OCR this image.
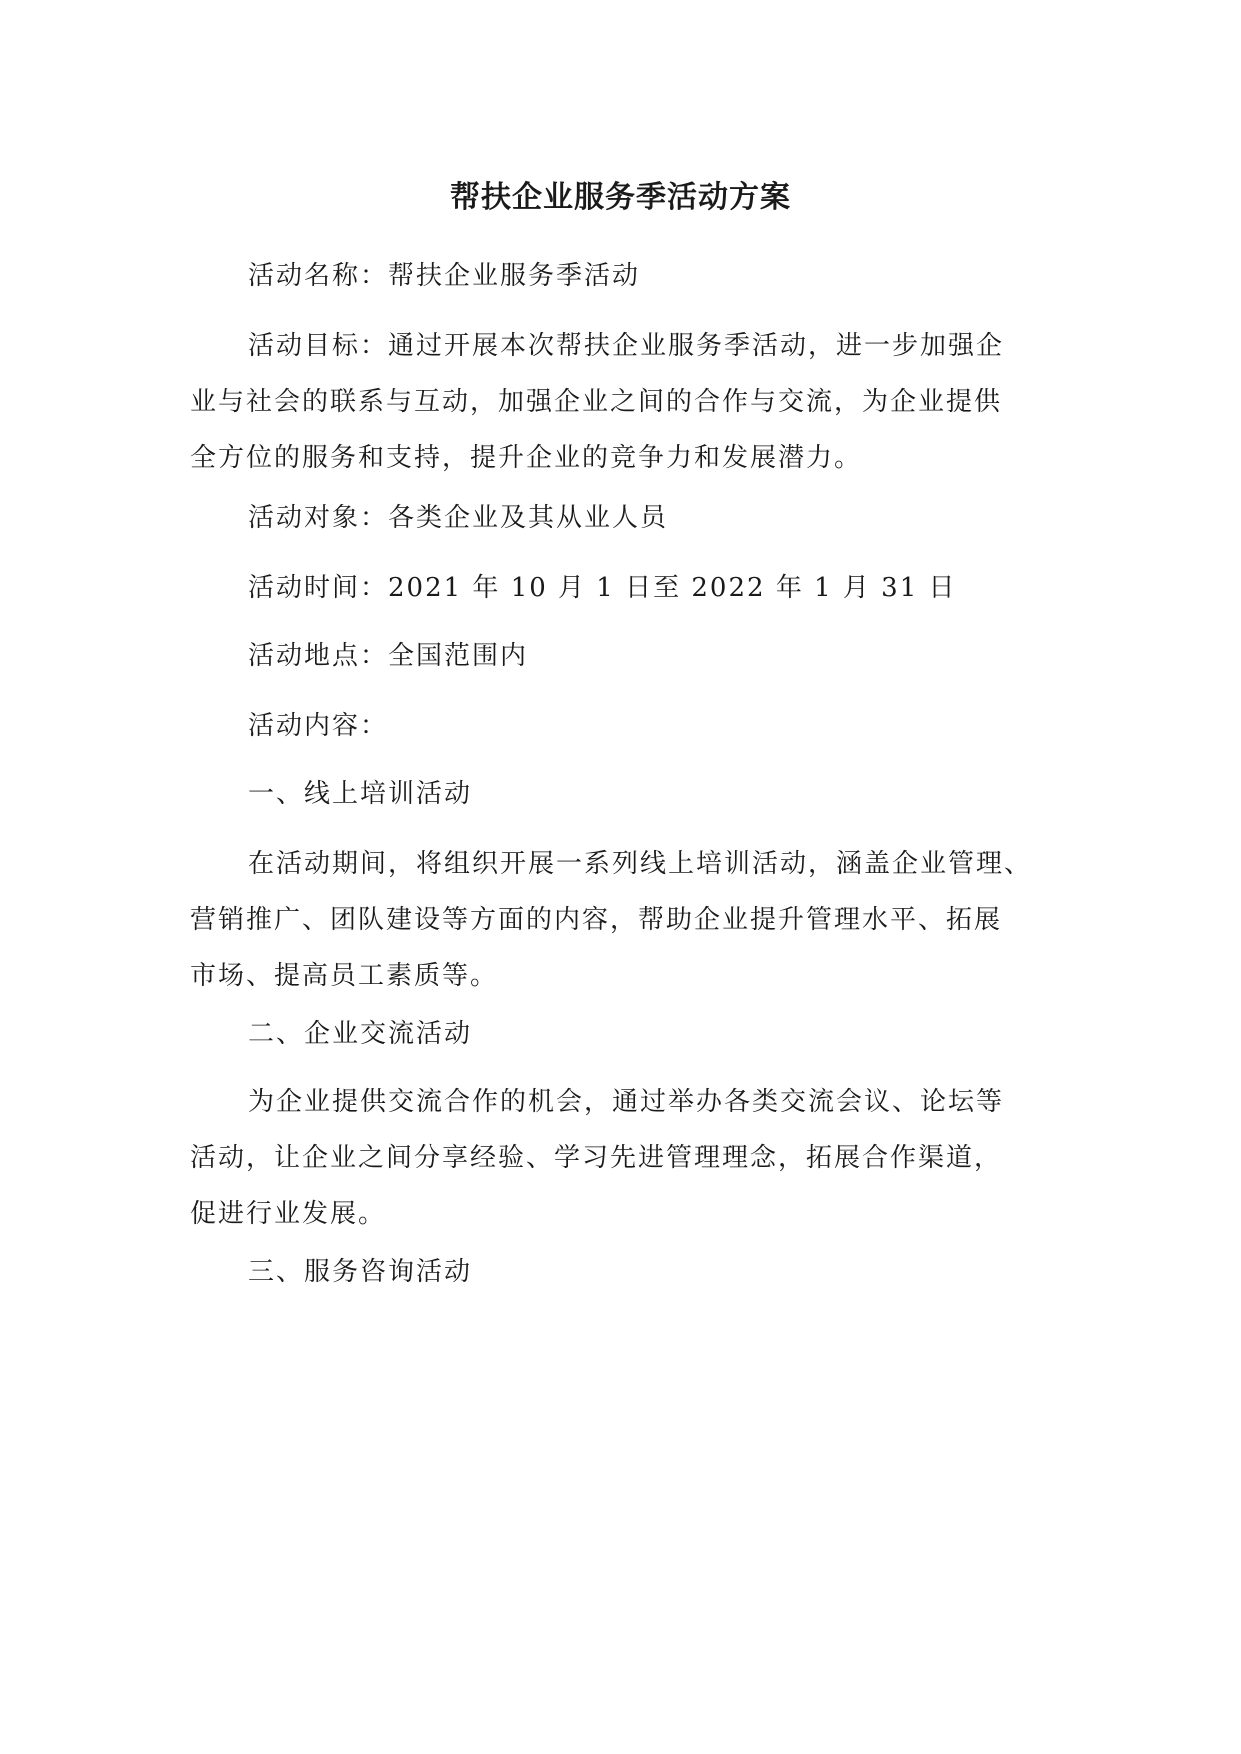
帮扶企业服务季活动方案

活动名称：帮扶企业服务季活动

活动目标：通过开展本次帮扶企业服务季活动，进一步加强企
业与社会的联系与互动，加强企业之间的合作与交流，为企业提供
全方位的服务和支持，提升企业的竞争力和发展潜力。

活动对象：各类企业及其从业人员

活动时间：2021 年 10 月 1 日至 2022 年 1 月 31 日

活动地点：全国范围内

活动内容：

一、线上培训活动

在活动期间，将组织开展一系列线上培训活动，涵盖企业管理、
营销推广、团队建设等方面的内容，帮助企业提升管理水平、拓展
市场、提高员工素质等。

二、企业交流活动

为企业提供交流合作的机会，通过举办各类交流会议、论坛等
活动，让企业之间分享经验、学习先进管理理念，拓展合作渠道，
促进行业发展。

三、服务咨询活动
